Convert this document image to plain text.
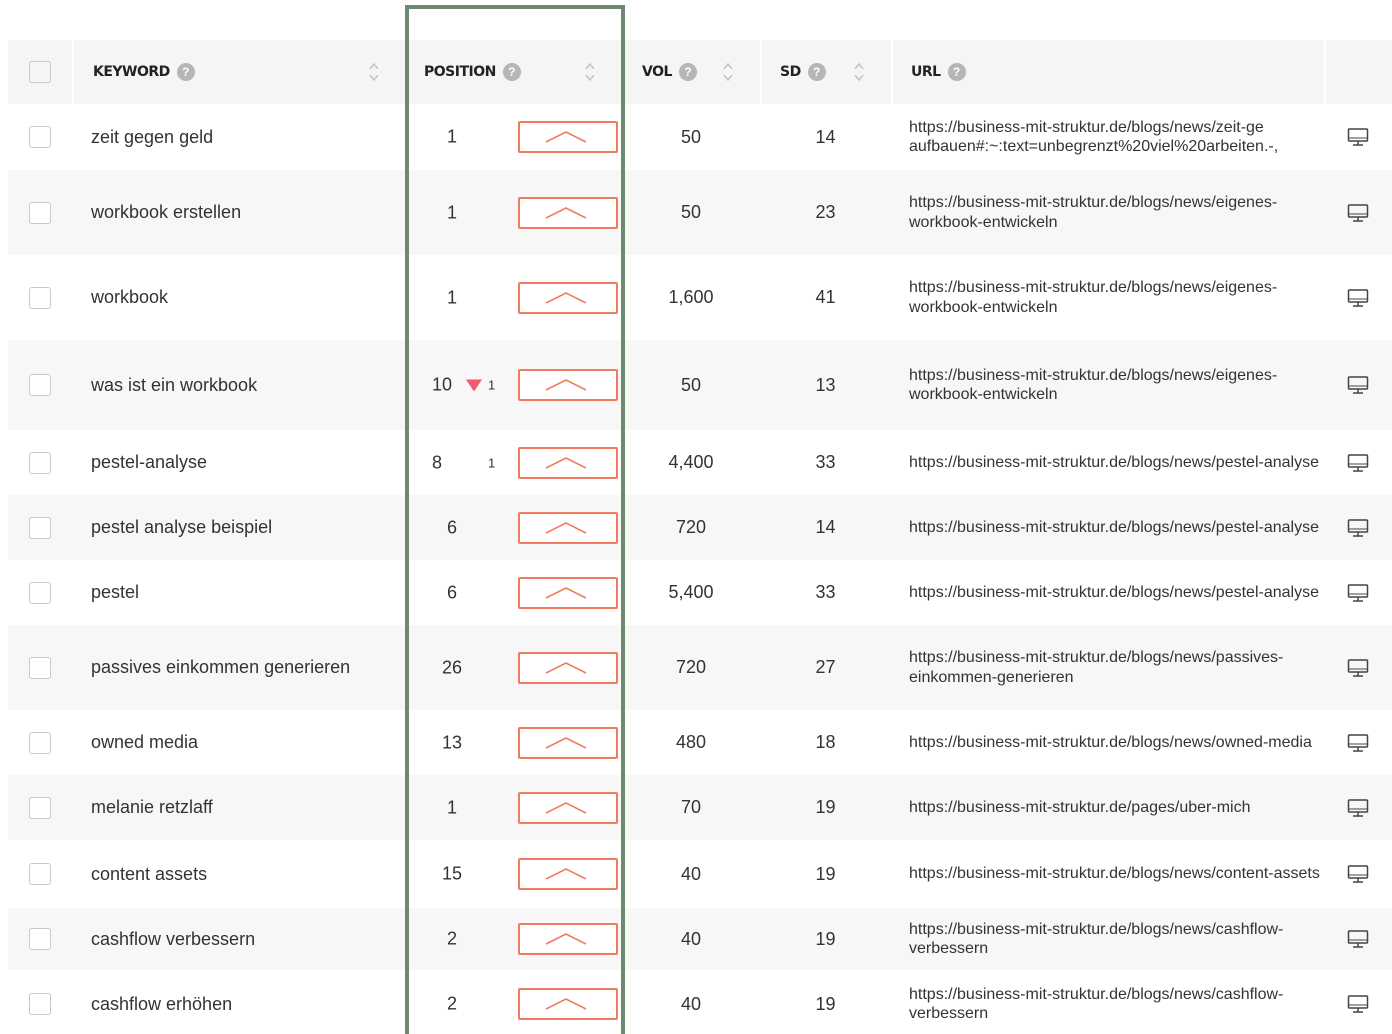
KEYWORD	?	POSITION	?	VOL	?	SD	?	URL	?
zeit gegen geld	1	50	14	https://business-mit-struktur.de/blogs/news/zeit-ge aufbauen#:~:text=unbegrenzt%20viel%20arbeiten.-,
workbook erstellen	1	50	23	https://business-mit-struktur.de/blogs/news/eigenes-workbook-entwickeln
workbook	1	1,600	41	https://business-mit-struktur.de/blogs/news/eigenes-workbook-entwickeln
was ist ein workbook	10	1	50	13	https://business-mit-struktur.de/blogs/news/eigenes-workbook-entwickeln
pestel-analyse	8	1	4,400	33	https://business-mit-struktur.de/blogs/news/pestel-analyse
pestel analyse beispiel	6	720	14	https://business-mit-struktur.de/blogs/news/pestel-analyse
pestel	6	5,400	33	https://business-mit-struktur.de/blogs/news/pestel-analyse
passives einkommen generieren	26	720	27	https://business-mit-struktur.de/blogs/news/passives-einkommen-generieren
owned media	13	480	18	https://business-mit-struktur.de/blogs/news/owned-media
melanie retzlaff	1	70	19	https://business-mit-struktur.de/pages/uber-mich
content assets	15	40	19	https://business-mit-struktur.de/blogs/news/content-assets
cashflow verbessern	2	40	19	https://business-mit-struktur.de/blogs/news/cashflow-verbessern
cashflow erhöhen	2	40	19	https://business-mit-struktur.de/blogs/news/cashflow-verbessern
